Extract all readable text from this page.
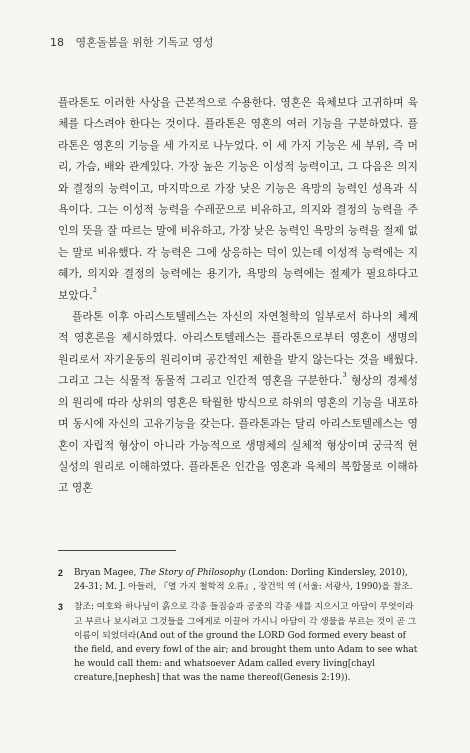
18 영혼돌봄을 위한 기독교 영성

플라톤도 이러한 사상을 근본적으로 수용한다. 영혼은 육체보다 고귀하며 육체를 다스려야 한다는 것이다. 플라톤은 영혼의 여러 기능을 구분하였다. 플라톤은 영혼의 기능을 세 가지로 나누었다. 이 세 가지 기능은 세 부위, 즉 머리, 가슴, 배와 관계있다. 가장 높은 기능은 이성적 능력이고, 그 다음은 의지와 결정의 능력이고, 마지막으로 가장 낮은 기능은 욕망의 능력인 성욕과 식욕이다. 그는 이성적 능력을 수레꾼으로 비유하고, 의지와 결정의 능력을 주인의 뜻을 잘 따르는 말에 비유하고, 가장 낮은 능력인 욕망의 능력을 절제 없는 말로 비유했다. 각 능력은 그에 상응하는 덕이 있는데 이성적 능력에는 지혜가, 의지와 결정의 능력에는 용기가, 욕망의 능력에는 절제가 필요하다고 보았다.$^2$

플라톤 이후 아리스토텔레스는 자신의 자연철학의 일부로서 하나의 체계적 영혼론을 제시하였다. 아리스토텔레스는 플라톤으로부터 영혼이 생명의 원리로서 자기운동의 원리이며 공간적인 제한을 받지 않는다는 것을 배웠다. 그리고 그는 식물적 동물적 그리고 인간적 영혼을 구분한다.$^3$ 형상의 경제성의 원리에 따라 상위의 영혼은 탁월한 방식으로 하위의 영혼의 기능을 내포하며 동시에 자신의 고유기능을 갖는다. 플라톤과는 달리 아리스토텔레스는 영혼이 자립적 형상이 아니라 가능적으로 생명체의 실체적 형상이며 궁극적 현실성의 원리로 이해하였다. 플라톤은 인간을 영혼과 육체의 복합물로 이해하고 영혼

2	Bryan Magee, The Story of Philosophy (London: Dorling Kindersley, 2010), 24-31; M. J. 아들러, 『열 가지 철학적 오류』, 장건익 역 (서울: 서광사, 1990)을 참조.
3	참조: 여호와 하나님이 흙으로 각종 들짐승과 공중의 각종 새를 지으시고 아담이 무엇이라고 부르나 보시려고 그것들을 그에게로 이끌어 가시니 아담이 각 생물을 부르는 것이 곧 그 이름이 되었더라(And out of the ground the LORD God formed every beast of the field, and every fowl of the air; and brought them unto Adam to see what he would call them: and whatsoever Adam called every living[chayl creature,[nephesh] that was the name thereof(Genesis 2:19)).
